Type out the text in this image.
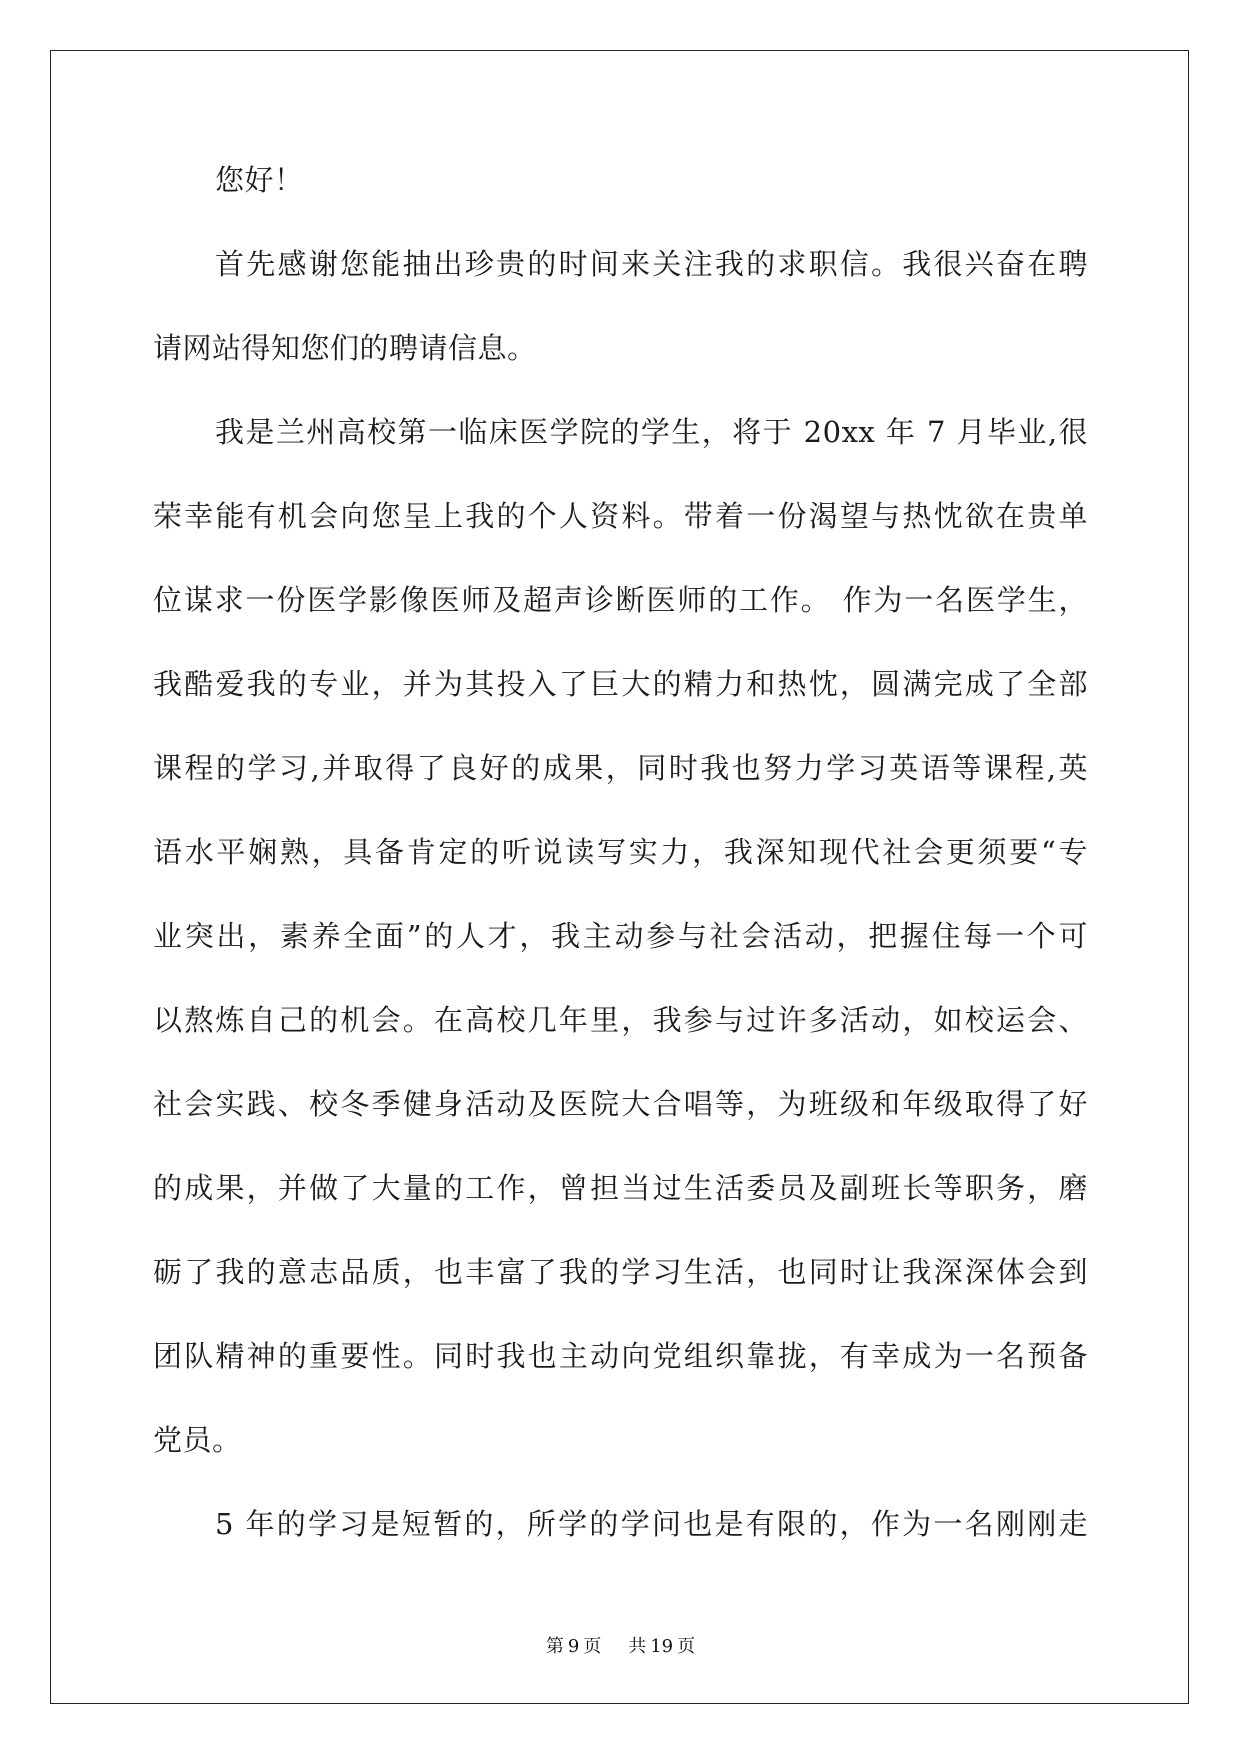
您好！
首先感谢您能抽出珍贵的时间来关注我的求职信。我很兴奋在聘
请网站得知您们的聘请信息。
我是兰州高校第一临床医学院的学生，将于 20xx 年 7 月毕业,很
荣幸能有机会向您呈上我的个人资料。带着一份渴望与热忱欲在贵单
位谋求一份医学影像医师及超声诊断医师的工作。 作为一名医学生，
我酷爱我的专业，并为其投入了巨大的精力和热忱，圆满完成了全部
课程的学习,并取得了良好的成果，同时我也努力学习英语等课程,英
语水平娴熟，具备肯定的听说读写实力，我深知现代社会更须要“专
业突出，素养全面”的人才，我主动参与社会活动，把握住每一个可
以熬炼自己的机会。在高校几年里，我参与过许多活动，如校运会、
社会实践、校冬季健身活动及医院大合唱等，为班级和年级取得了好
的成果，并做了大量的工作，曾担当过生活委员及副班长等职务，磨
砺了我的意志品质，也丰富了我的学习生活，也同时让我深深体会到
团队精神的重要性。同时我也主动向党组织靠拢，有幸成为一名预备
党员。
5 年的学习是短暂的，所学的学问也是有限的，作为一名刚刚走
第 9 页 共 19 页
